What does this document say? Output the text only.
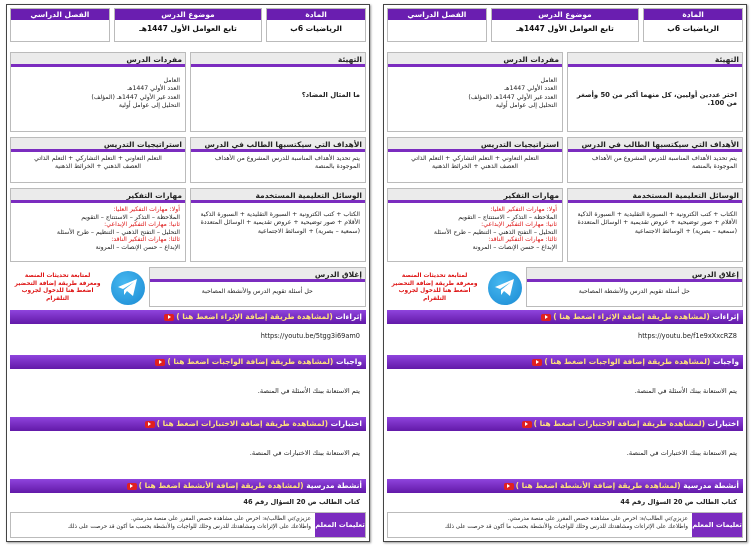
المادة
الرياضيات 6ب
موضوع الدرس
تابع العوامل الأول 1447هـ
الفصل الدراسي
التهيئة
ما المثال المضاد؟
مفردات الدرس
العامل
العدد الأولي 1447هـ
العدد غير الأولي 1447هـ (المؤلف)
التحليل إلى عوامل أولية
الأهداف التي سيكتسبها الطالب في الدرس
يتم تحديد الأهداف المناسبة للدرس المشروع من الأهداف الموجودة بالمنصة
استراتيجيات التدريس
التعلم التعاوني + التعلم التشاركي + التعلم الذاتي
العصف الذهني + الخرائط الذهنية
الوسائل التعليمية المستخدمة
الكتاب + كتب الكترونية + السبورة التقليدية + السبورة الذكية
الأقلام + صور توضيحية + عروض تقديمية + الوسائل المتعددة
(سمعية – بصرية) + الوسائط الاجتماعية
مهارات التفكير
أولا: مهارات التفكير العليا:
الملاحظة – التذكر – الاستنتاج – التقويم
ثانيا: مهارات التفكير الإبداعي:
التحليل – التفتح الذهني – التنظيم – طرح الأسئلة
ثالثا: مهارات التفكير الناقد:
الإبداع – حسن الإنصات – المرونة
إغلاق الدرس
حل أسئلة تقويم الدرس والأنشطة المصاحبة
لمتابعة تحديثات المنصة
ومعرفة طريقة إضافة التحضير
اضغط هنا للدخول لجروب التلقرام
إثراءات (لمشاهدة طريقة إضافة الإثراء اضغط هنا )
https://youtu.be/5tgg3i69am0
واجبات (لمشاهدة طريقة إضافة الواجبات اضغط هنا )
يتم الاستعانة ببنك الأسئلة في المنصة.
اختبارات (لمشاهدة طريقة إضافة الاختبارات اضغط هنا )
يتم الاستعانة ببنك الاختبارات في المنصة.
أنشطة مدرسية (لمشاهدة طريقة إضافة الأنشطة اضغط هنا )
كتاب الطالب ص 20 السؤال رقم 46
تعليمات المعلم
عزيزي/تي الطالب/ة: احرص على مشاهدة حصص المقرر على منصة مدرستي.
واطلاعك على الإثراءات ومشاهدتك للدرس وحلك للواجبات والأنشطة بحسب ما أكون قد حرصت على ذلك
المادة
الرياضيات 6ب
موضوع الدرس
تابع العوامل الأول 1447هـ
الفصل الدراسي
التهيئة
اختر عددين أوليين، كل منهما أكبر من 50 وأصغر من 100.
مفردات الدرس
العامل
العدد الأولي 1447هـ
العدد غير الأولي 1447هـ (المؤلف)
التحليل إلى عوامل أولية
الأهداف التي سيكتسبها الطالب في الدرس
يتم تحديد الأهداف المناسبة للدرس المشروع من الأهداف الموجودة بالمنصة
استراتيجيات التدريس
التعلم التعاوني + التعلم التشاركي + التعلم الذاتي
العصف الذهني + الخرائط الذهنية
الوسائل التعليمية المستخدمة
الكتاب + كتب الكترونية + السبورة التقليدية + السبورة الذكية
الأقلام + صور توضيحية + عروض تقديمية + الوسائل المتعددة
(سمعية – بصرية) + الوسائط الاجتماعية
مهارات التفكير
أولا: مهارات التفكير العليا:
الملاحظة – التذكر – الاستنتاج – التقويم
ثانيا: مهارات التفكير الإبداعي:
التحليل – التفتح الذهني – التنظيم – طرح الأسئلة
ثالثا: مهارات التفكير الناقد:
الإبداع – حسن الإنصات – المرونة
إغلاق الدرس
حل أسئلة تقويم الدرس والأنشطة المصاحبة
لمتابعة تحديثات المنصة
ومعرفة طريقة إضافة التحضير
اضغط هنا للدخول لجروب التلقرام
إثراءات (لمشاهدة طريقة إضافة الإثراء اضغط هنا )
https://youtu.be/f1e9xXxcRZ8
واجبات (لمشاهدة طريقة إضافة الواجبات اضغط هنا )
يتم الاستعانة ببنك الأسئلة في المنصة.
اختبارات (لمشاهدة طريقة إضافة الاختبارات اضغط هنا )
يتم الاستعانة ببنك الاختبارات في المنصة.
أنشطة مدرسية (لمشاهدة طريقة إضافة الأنشطة اضغط هنا )
كتاب الطالب ص 20 السؤال رقم 44
تعليمات المعلم
عزيزي/تي الطالب/ة: احرص على مشاهدة حصص المقرر على منصة مدرستي.
واطلاعك على الإثراءات ومشاهدتك للدرس وحلك للواجبات والأنشطة بحسب ما أكون قد حرصت على ذلك
